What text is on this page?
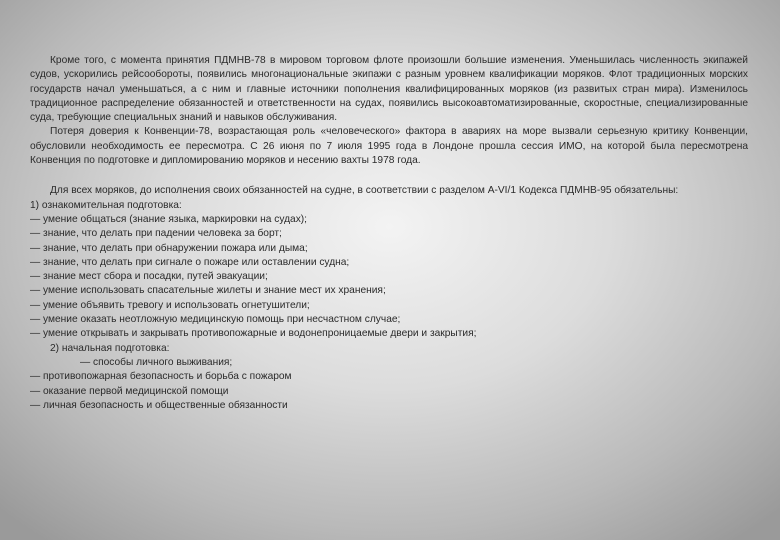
Кроме того, с момента принятия ПДМНВ-78 в мировом торговом флоте произошли большие изменения. Уменьшилась численность экипажей судов, ускорились рейсообороты, появились многонациональные экипажи с разным уровнем квалификации моряков. Флот традиционных морских государств начал уменьшаться, а с ним и главные источники пополнения квалифицированных моряков (из развитых стран мира). Изменилось традиционное распределение обязанностей и ответственности на судах, появились высокоавтоматизированные, скоростные, специализированные суда, требующие специальных знаний и навыков обслуживания.

Потеря доверия к Конвенции-78, возрастающая роль «человеческого» фактора в авариях на море вызвали серьезную критику Конвенции, обусловили необходимость ее пересмотра. С 26 июня по 7 июля 1995 года в Лондоне прошла сессия ИМО, на которой была пересмотрена Конвенция по подготовке и дипломированию моряков и несению вахты 1978 года.

Для всех моряков, до исполнения своих обязанностей на судне, в соответствии с разделом A-VI/1 Кодекса ПДМНВ-95 обязательны:

1) ознакомительная подготовка:

— умение общаться (знание языка, маркировки на судах);

— знание, что делать при падении человека за борт;

— знание, что делать при обнаружении пожара или дыма;

— знание, что делать при сигнале о пожаре или оставлении судна;

— знание мест сбора и посадки, путей эвакуации;

— умение использовать спасательные жилеты и знание мест их хранения;

— умение объявить тревогу и использовать огнетушители;

— умение оказать неотложную медицинскую помощь при несчастном случае;

— умение открывать и закрывать противопожарные и водонепроницаемые двери и закрытия;

2) начальная подготовка:

— способы личного выживания;

— противопожарная безопасность и борьба с пожаром

— оказание первой медицинской помощи

— личная безопасность и общественные обязанности
